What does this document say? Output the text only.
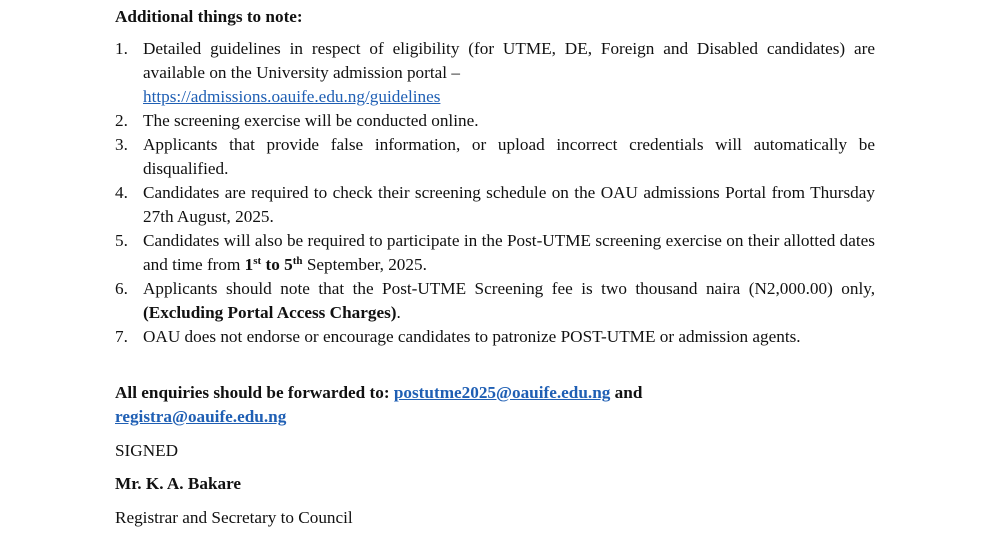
Additional things to note:
1. Detailed guidelines in respect of eligibility (for UTME, DE, Foreign and Disabled candidates) are available on the University admission portal –
https://admissions.oauife.edu.ng/guidelines
2. The screening exercise will be conducted online.
3. Applicants that provide false information, or upload incorrect credentials will automatically be disqualified.
4. Candidates are required to check their screening schedule on the OAU admissions Portal from Thursday 27th August, 2025.
5. Candidates will also be required to participate in the Post-UTME screening exercise on their allotted dates and time from 1st to 5th September, 2025.
6. Applicants should note that the Post-UTME Screening fee is two thousand naira (N2,000.00) only, (Excluding Portal Access Charges).
7. OAU does not endorse or encourage candidates to patronize POST-UTME or admission agents.
All enquiries should be forwarded to: postutme2025@oauife.edu.ng and
registra@oauife.edu.ng
SIGNED
Mr. K. A. Bakare
Registrar and Secretary to Council
